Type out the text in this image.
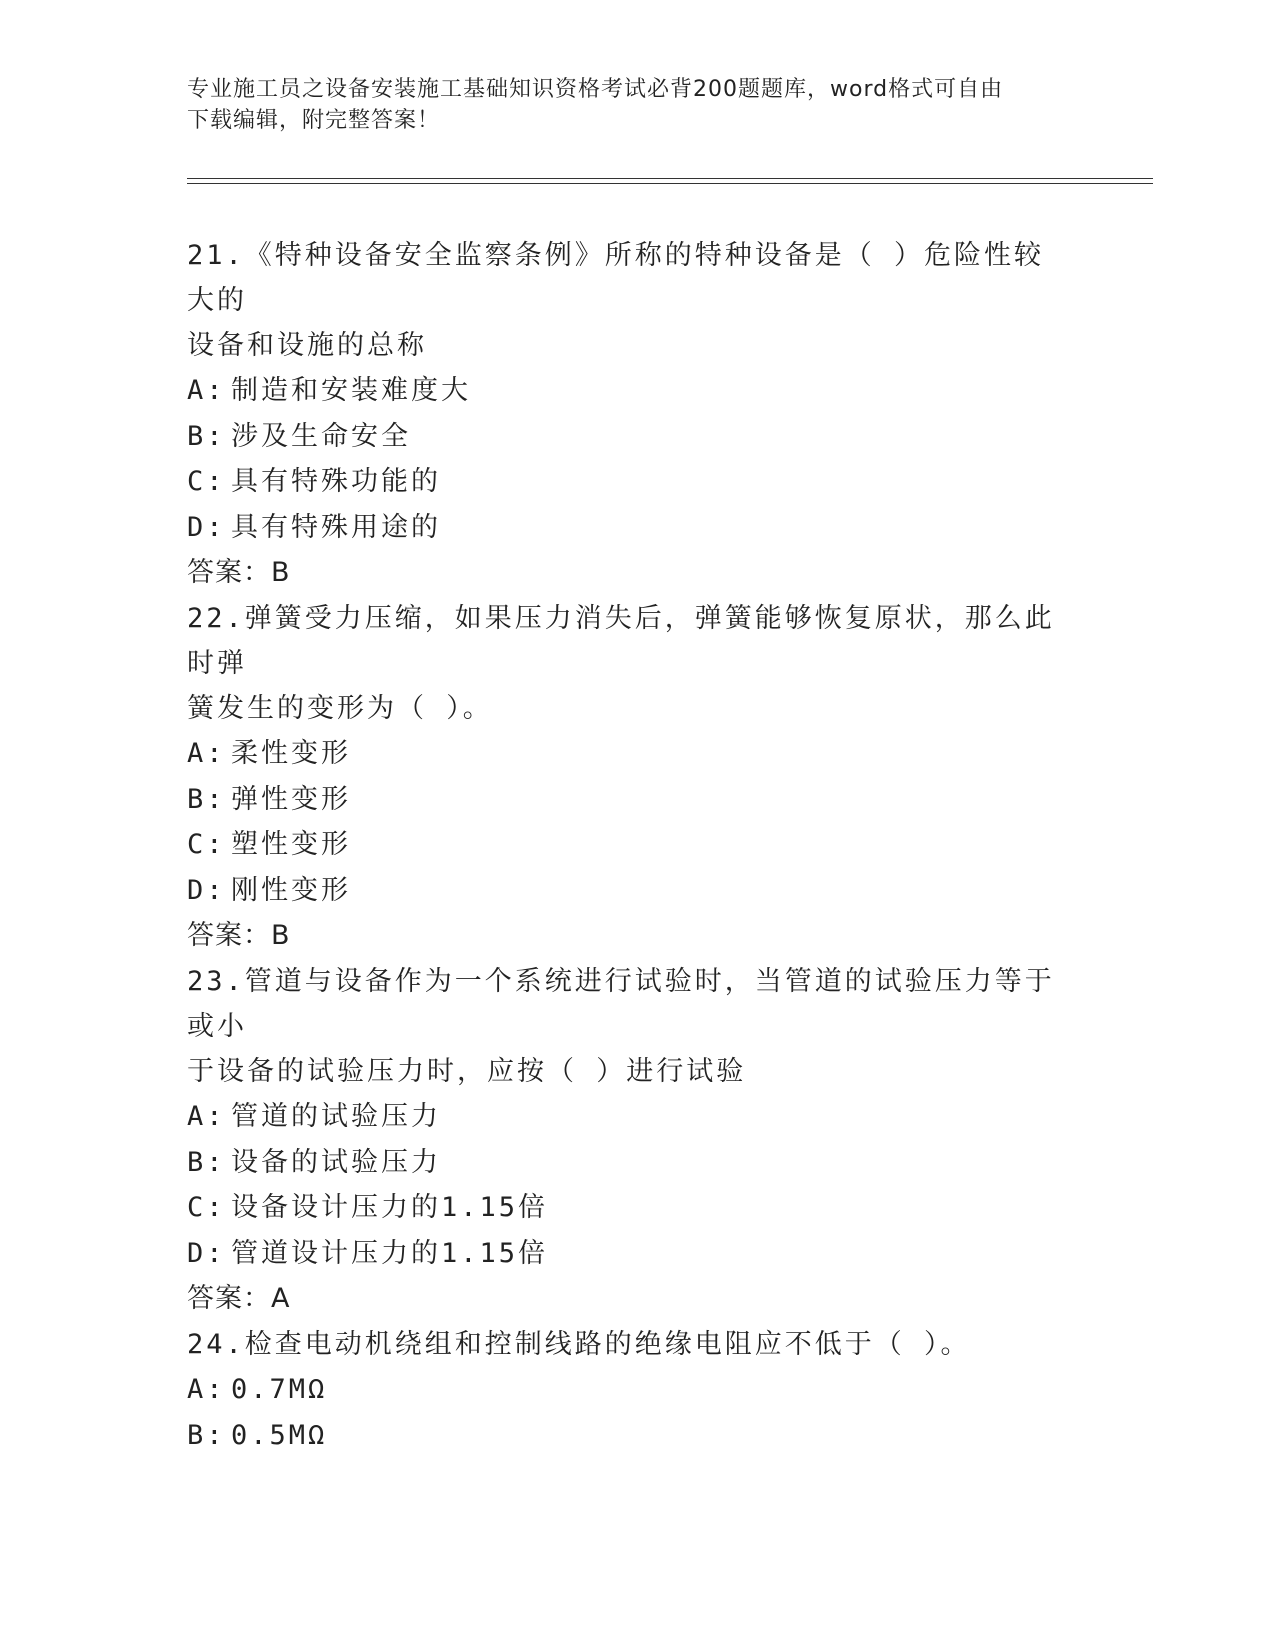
专业施工员之设备安装施工基础知识资格考试必背200题题库，word格式可自由
下载编辑，附完整答案！
21.《特种设备安全监察条例》所称的特种设备是（ ）危险性较大的
设备和设施的总称
A: 制造和安装难度大
B: 涉及生命安全
C: 具有特殊功能的
D: 具有特殊用途的
答案：B
22.弹簧受力压缩，如果压力消失后，弹簧能够恢复原状，那么此时弹
簧发生的变形为（ ）。
A: 柔性变形
B: 弹性变形
C: 塑性变形
D: 刚性变形
答案：B
23.管道与设备作为一个系统进行试验时，当管道的试验压力等于或小
于设备的试验压力时，应按（ ）进行试验
A: 管道的试验压力
B: 设备的试验压力
C: 设备设计压力的1.15倍
D: 管道设计压力的1.15倍
答案：A
24.检查电动机绕组和控制线路的绝缘电阻应不低于（ ）。
A: 0.7MΩ
B: 0.5MΩ
